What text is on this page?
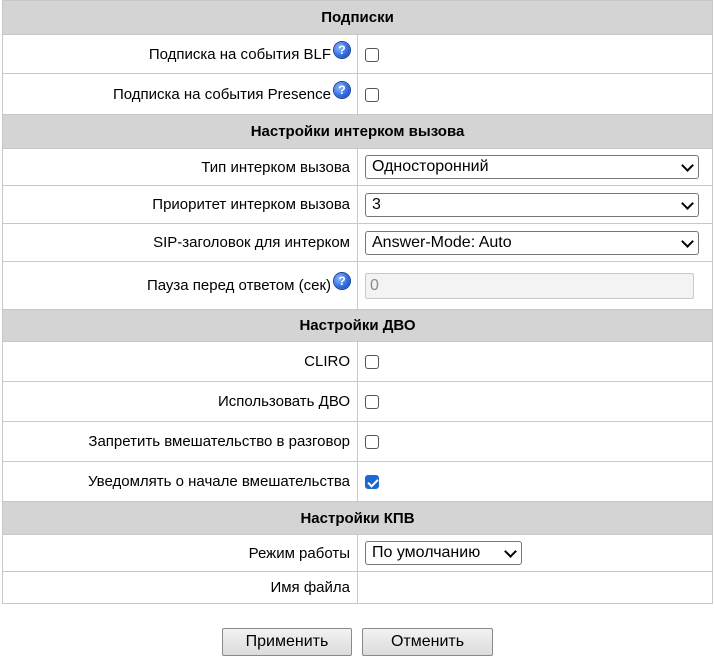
Подписки	
Подписка на события BLF ?	
Подписка на события Presence ?	
Настройки интерком вызова	
Тип интерком вызова	Односторонний

Приоритет интерком вызова	3

SIP-заголовок для интерком	Answer-Mode: Auto

Пауза перед ответом (сек) ?	0

Настройки ДВО	
CLIRO	
Использовать ДВО	
Запретить вмешательство в разговор	
Уведомлять о начале вмешательства	
Настройки КПВ	
Режим работы	По умолчанию

Имя файла	
Применить	Отменить
